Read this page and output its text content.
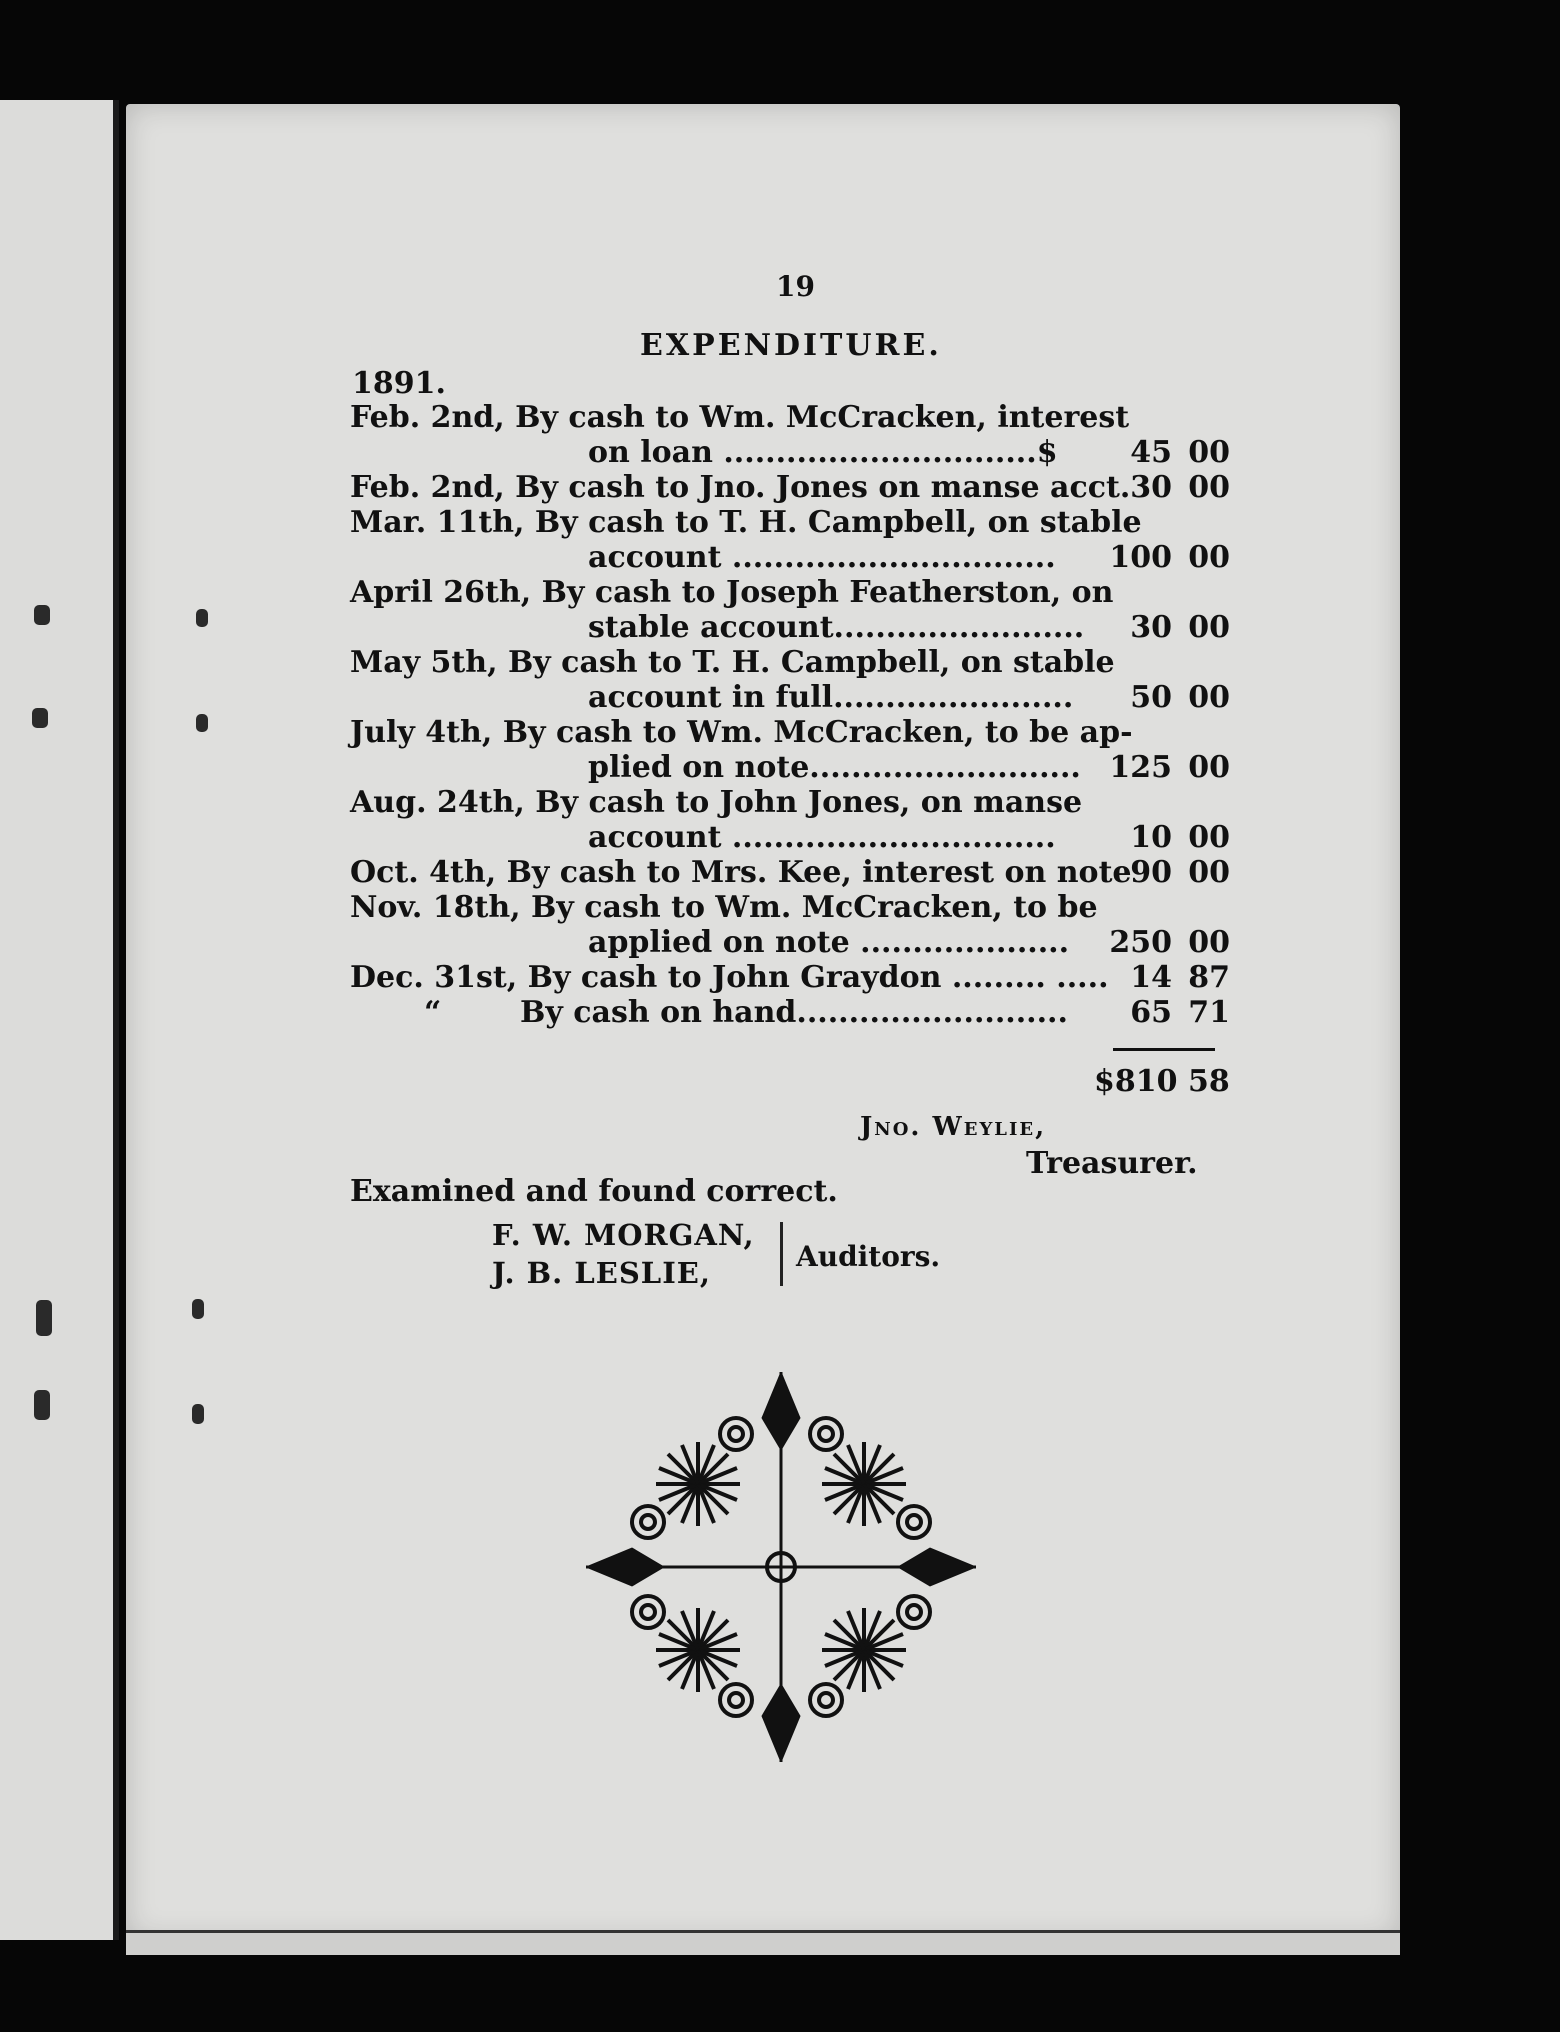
19
EXPENDITURE.
1891.
Feb. 2nd, By cash to Wm. McCracken, interest
on loan ..............................$ 45 00
Feb. 2nd, By cash to Jno. Jones on manse acct. 30 00
Mar. 11th, By cash to T. H. Campbell, on stable
account ............................... 100 00
April 26th, By cash to Joseph Featherston, on
stable account........................ 30 00
May 5th, By cash to T. H. Campbell, on stable
account in full....................... 50 00
July 4th, By cash to Wm. McCracken, to be ap-
plied on note.......................... 125 00
Aug. 24th, By cash to John Jones, on manse
account ............................... 10 00
Oct. 4th, By cash to Mrs. Kee, interest on note
90 00
Nov. 18th, By cash to Wm. McCracken, to be
applied on note .................... 250 00
Dec. 31st, By cash to John Graydon ......... ..... 14 87
“	By cash on hand.......................... 65 71
$810 58
Jno. Weylie,
Treasurer.
Examined and found correct.
F. W. MORGAN,
J. B. LESLIE,	Auditors.
